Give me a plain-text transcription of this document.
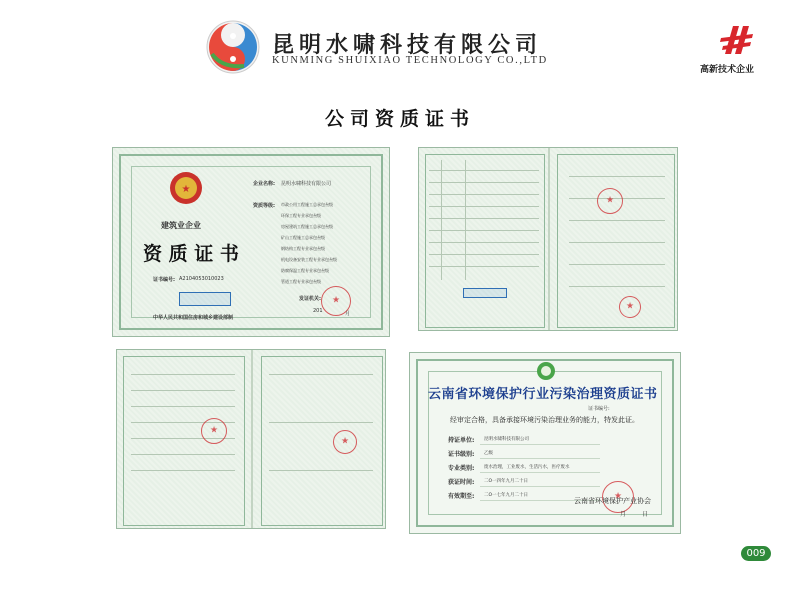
昆明水啸科技有限公司
KUNMING SHUIXIAO TECHNOLOGY CO.,LTD
高新技术企业
公司资质证书
★
建筑业企业
资 质 证 书
证书编号: A2104053010023
中华人民共和国住房和城乡建设部制
企业名称: 昆明水啸科技有限公司
资质等级: 市政公用工程施工总承包叁级
环保工程专业承包叁级
房屋建筑工程施工总承包叁级
矿山工程施工总承包叁级
钢结构工程专业承包叁级
机电设备安装工程专业承包叁级
防腐保温工程专业承包叁级
管道工程专业承包叁级
发证机关:
★
201	月
★
★
★
★
云南省环境保护行业污染治理资质证书
证书编号:
经审定合格，具备承接环境污染治理业务的能力，特发此证。
持证单位: 昆明水啸科技有限公司
证书级别: 乙级
专业类别: 废水治理，工业废水，生活污水，医疗废水
获证时间: 二O一四年九月二十日
有效期至: 二O一七年九月二十日
★
云南省环境保护产业协会
月	日
009
